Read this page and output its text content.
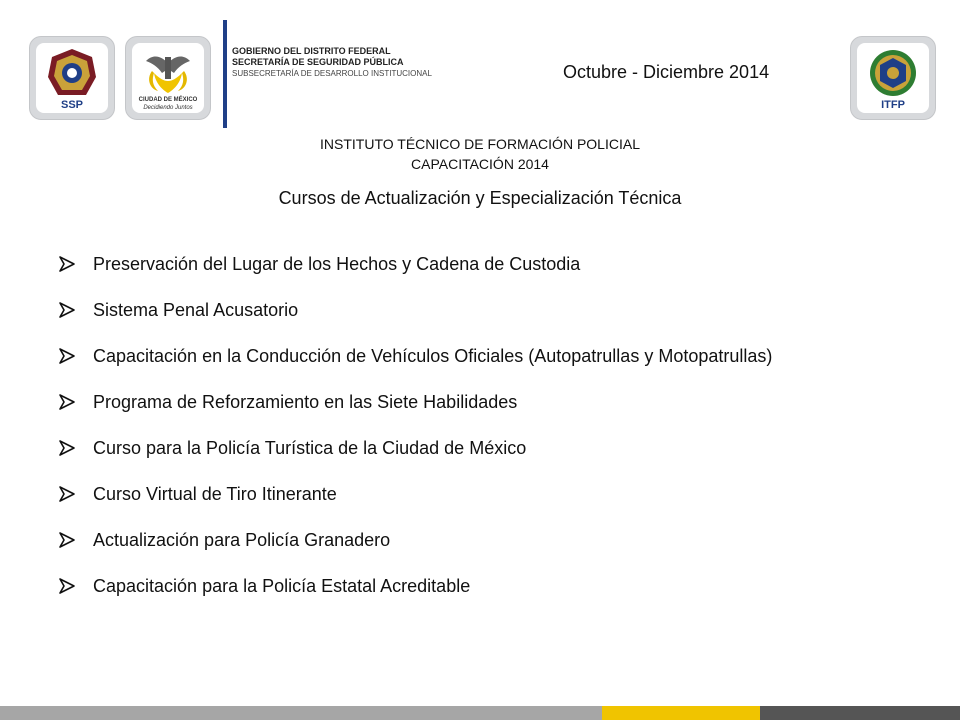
SSP	CIUDAD DE MÉXICO
Decidiendo Juntos
GOBIERNO DEL DISTRITO FEDERAL
SECRETARÍA DE SEGURIDAD PÚBLICA
SUBSECRETARÍA DE DESARROLLO INSTITUCIONAL	Octubre - Diciembre 2014
ITFP
INSTITUTO TÉCNICO DE FORMACIÓN POLICIAL
CAPACITACIÓN 2014
Cursos de Actualización y Especialización Técnica
Preservación del Lugar de los Hechos y Cadena de Custodia
Sistema Penal Acusatorio
Capacitación en la Conducción de Vehículos Oficiales (Autopatrullas y Motopatrullas)
Programa de Reforzamiento en las Siete Habilidades
Curso para la Policía Turística de la Ciudad de México
Curso Virtual de Tiro Itinerante
Actualización para Policía Granadero
Capacitación para la Policía Estatal Acreditable
